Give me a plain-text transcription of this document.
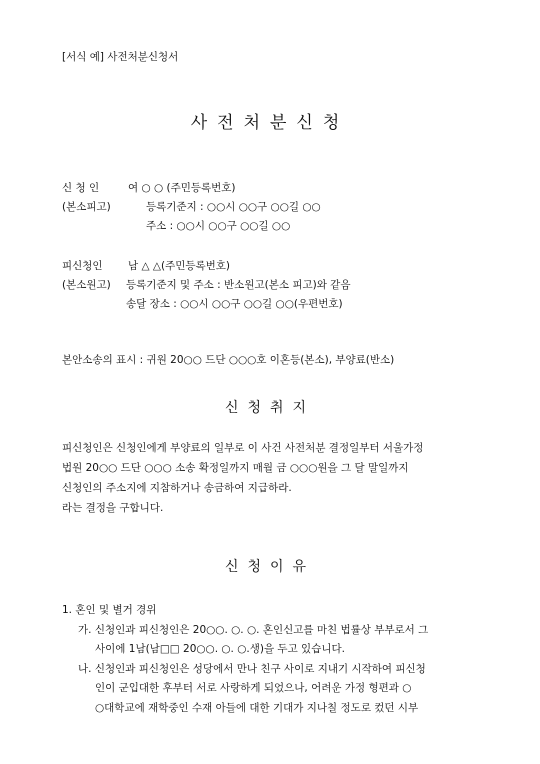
[서식 예] 사전처분신청서
사전처분신청
신 청 인	여 ○ ○ (주민등록번호)
(본소피고)	등록기준지 : ○○시 ○○구 ○○길 ○○
주소 : ○○시 ○○구 ○○길 ○○
피신청인 남 △ △(주민등록번호)
(본소원고) 등록기준지 및 주소 : 반소원고(본소 피고)와 같음
송달 장소 : ○○시 ○○구 ○○길 ○○(우편번호)
본안소송의 표시 : 귀원 20○○ 드단 ○○○호 이혼등(본소), 부양료(반소)
신청취지
피신청인은 신청인에게 부양료의 일부로 이 사건 사전처분 결정일부터 서울가정
법원 20○○ 드단 ○○○ 소송 확정일까지 매월 금 ○○○원을 그 달 말일까지
신청인의 주소지에 지참하거나 송금하여 지급하라.
라는 결정을 구합니다.
신청이유
1. 혼인 및 별거 경위
가. 신청인과 피신청인은 20○○. ○. ○. 혼인신고를 마친 법률상 부부로서 그
사이에 1남(남□□ 20○○. ○. ○.생)을 두고 있습니다.
나. 신청인과 피신청인은 성당에서 만나 친구 사이로 지내기 시작하여 피신청
인이 군입대한 후부터 서로 사랑하게 되었으나, 어려운 가정 형편과 ○
○대학교에 재학중인 수재 아들에 대한 기대가 지나칠 정도로 컸던 시부
